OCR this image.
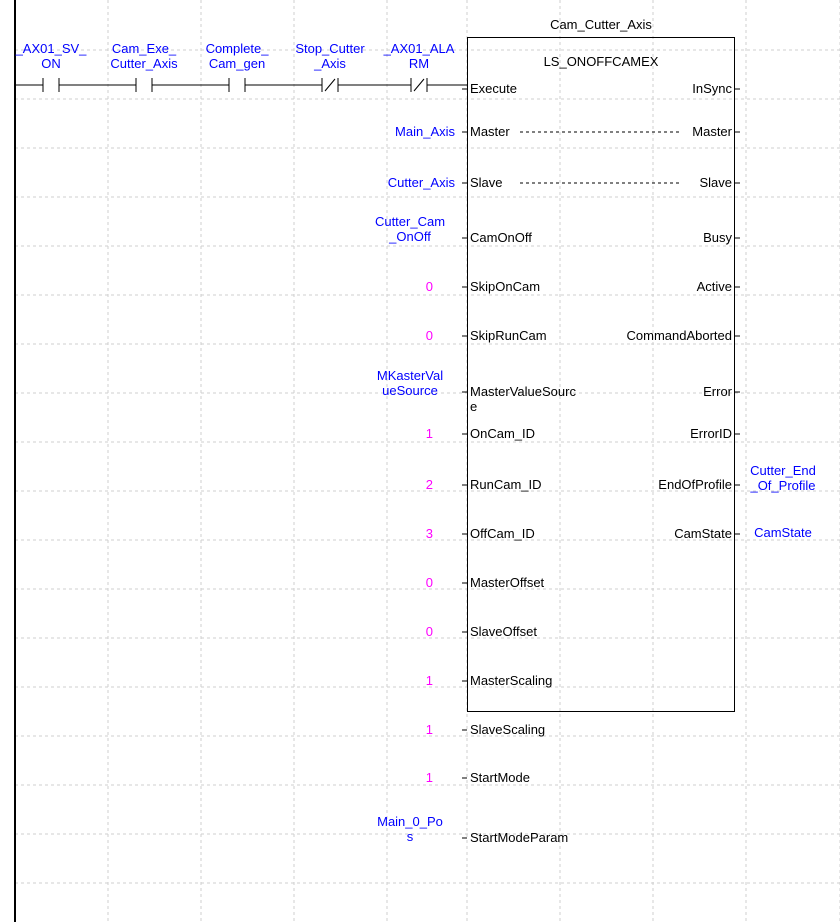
Cam_Cutter_Axis
LS_ONOFFCAMEX
_AX01_SV_
ON
Cam_Exe_
Cutter_Axis
Complete_
Cam_gen
Stop_Cutter
_Axis
_AX01_ALA
RM
Execute
Master
Main_Axis
Slave
Cutter_Axis
CamOnOff
Cutter_Cam
_OnOff
SkipOnCam
0
SkipRunCam
0
MasterValueSourc
e
MKasterVal
ueSource
OnCam_ID
1
RunCam_ID
2
OffCam_ID
3
MasterOffset
0
SlaveOffset
0
MasterScaling
1
SlaveScaling
1
StartMode
1
StartModeParam
Main_0_Po
s
InSync
Master
Slave
Busy
Active
CommandAborted
Error
ErrorID
EndOfProfile
Cutter_End
_Of_Profile
CamState	CamState
